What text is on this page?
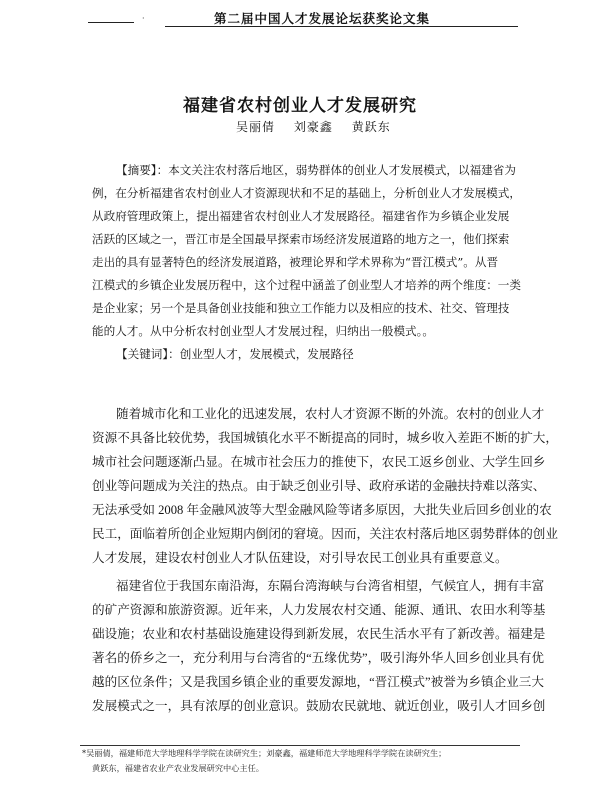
·	第二届中国人才发展论坛获奖论文集
福建省农村创业人才发展研究
吴丽倩 刘豪鑫 黄跃东
【摘要】：本文关注农村落后地区，弱势群体的创业人才发展模式，以福建省为
例，在分析福建省农村创业人才资源现状和不足的基础上，分析创业人才发展模式，
从政府管理政策上，提出福建省农村创业人才发展路径。福建省作为乡镇企业发展
活跃的区域之一，晋江市是全国最早探索市场经济发展道路的地方之一，他们探索
走出的具有显著特色的经济发展道路，被理论界和学术界称为“晋江模式”。从晋
江模式的乡镇企业发展历程中，这个过程中涵盖了创业型人才培养的两个维度：一类
是企业家；另一个是具备创业技能和独立工作能力以及相应的技术、社交、管理技
能的人才。从中分析农村创业型人才发展过程，归纳出一般模式。。
【关键词】：创业型人才，发展模式，发展路径
随着城市化和工业化的迅速发展，农村人才资源不断的外流。农村的创业人才
资源不具备比较优势，我国城镇化水平不断提高的同时，城乡收入差距不断的扩大，
城市社会问题逐渐凸显。在城市社会压力的推使下，农民工返乡创业、大学生回乡
创业等问题成为关注的热点。由于缺乏创业引导、政府承诺的金融扶持难以落实、
无法承受如 2008 年金融风波等大型金融风险等诸多原因，大批失业后回乡创业的农
民工，面临着所创企业短期内倒闭的窘境。因而，关注农村落后地区弱势群体的创业
人才发展，建设农村创业人才队伍建设，对引导农民工创业具有重要意义。
福建省位于我国东南沿海，东隔台湾海峡与台湾省相望，气候宜人，拥有丰富
的矿产资源和旅游资源。近年来，人力发展农村交通、能源、通讯、农田水利等基
础设施；农业和农村基础设施建设得到新发展，农民生活水平有了新改善。福建是
著名的侨乡之一，充分利用与台湾省的“五缘优势”，吸引海外华人回乡创业具有优
越的区位条件；又是我国乡镇企业的重要发源地，“晋江模式”被誉为乡镇企业三大
发展模式之一，具有浓厚的创业意识。鼓励农民就地、就近创业，吸引人才回乡创
*吴丽倩，福建师范大学地理科学学院在读研究生；刘豪鑫，福建师范大学地理科学学院在读研究生；
黄跃东，福建省农业产农业发展研究中心主任。
